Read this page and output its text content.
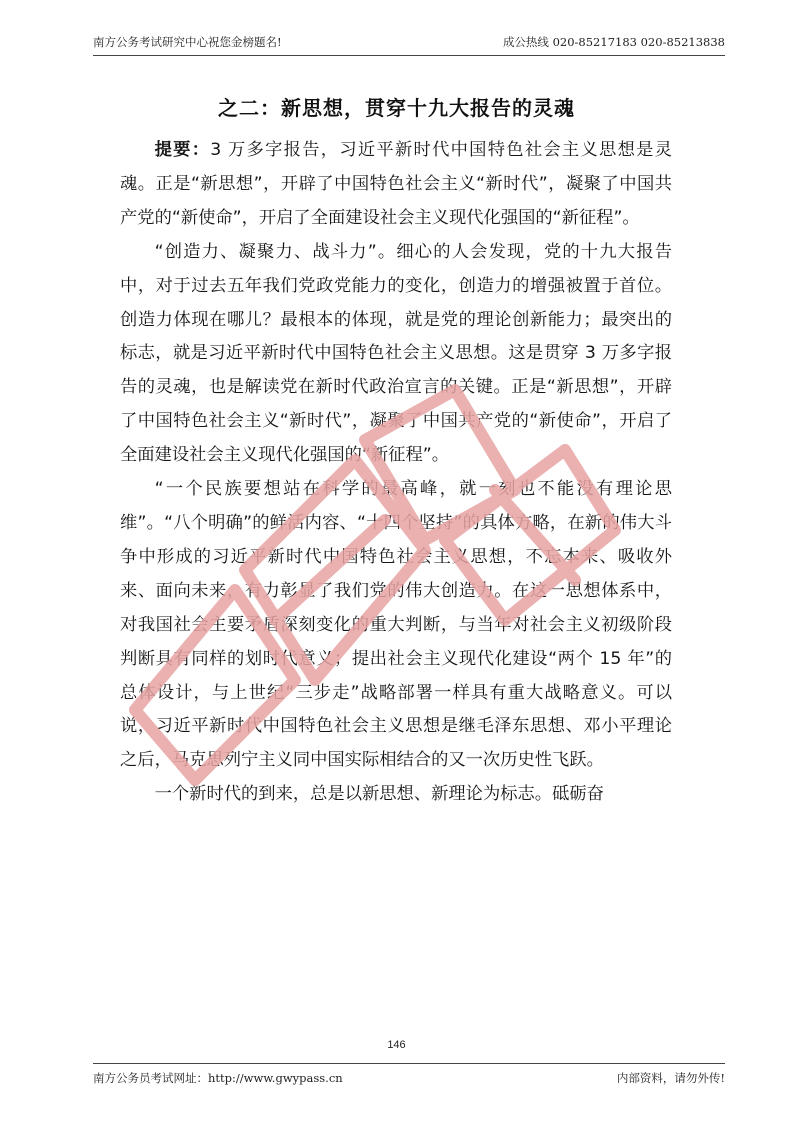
南方公务考试研究中心祝您金榜题名!	成公热线 020-85217183 020-85213838
之二：新思想，贯穿十九大报告的灵魂

提要：3 万多字报告，习近平新时代中国特色社会主义思想是灵魂。正是“新思想”，开辟了中国特色社会主义“新时代”，凝聚了中国共产党的“新使命”，开启了全面建设社会主义现代化强国的“新征程”。

“创造力、凝聚力、战斗力”。细心的人会发现，党的十九大报告中，对于过去五年我们党政党能力的变化，创造力的增强被置于首位。创造力体现在哪儿？最根本的体现，就是党的理论创新能力；最突出的标志，就是习近平新时代中国特色社会主义思想。这是贯穿 3 万多字报告的灵魂，也是解读党在新时代政治宣言的关键。正是“新思想”，开辟了中国特色社会主义“新时代”，凝聚了中国共产党的“新使命”，开启了全面建设社会主义现代化强国的“新征程”。

“一个民族要想站在科学的最高峰，就一刻也不能没有理论思维”。“八个明确”的鲜活内容、“十四个坚持”的具体方略，在新的伟大斗争中形成的习近平新时代中国特色社会主义思想，不忘本来、吸收外来、面向未来，有力彰显了我们党的伟大创造力。在这一思想体系中，对我国社会主要矛盾深刻变化的重大判断，与当年对社会主义初级阶段判断具有同样的划时代意义；提出社会主义现代化建设“两个 15 年”的总体设计，与上世纪“三步走”战略部署一样具有重大战略意义。可以说，习近平新时代中国特色社会主义思想是继毛泽东思想、邓小平理论之后，马克思列宁主义同中国实际相结合的又一次历史性飞跃。

一个新时代的到来，总是以新思想、新理论为标志。砥砺奋

南方公务员
146
南方公务员考试网址：http://www.gwypass.cn	内部资料，请勿外传!
